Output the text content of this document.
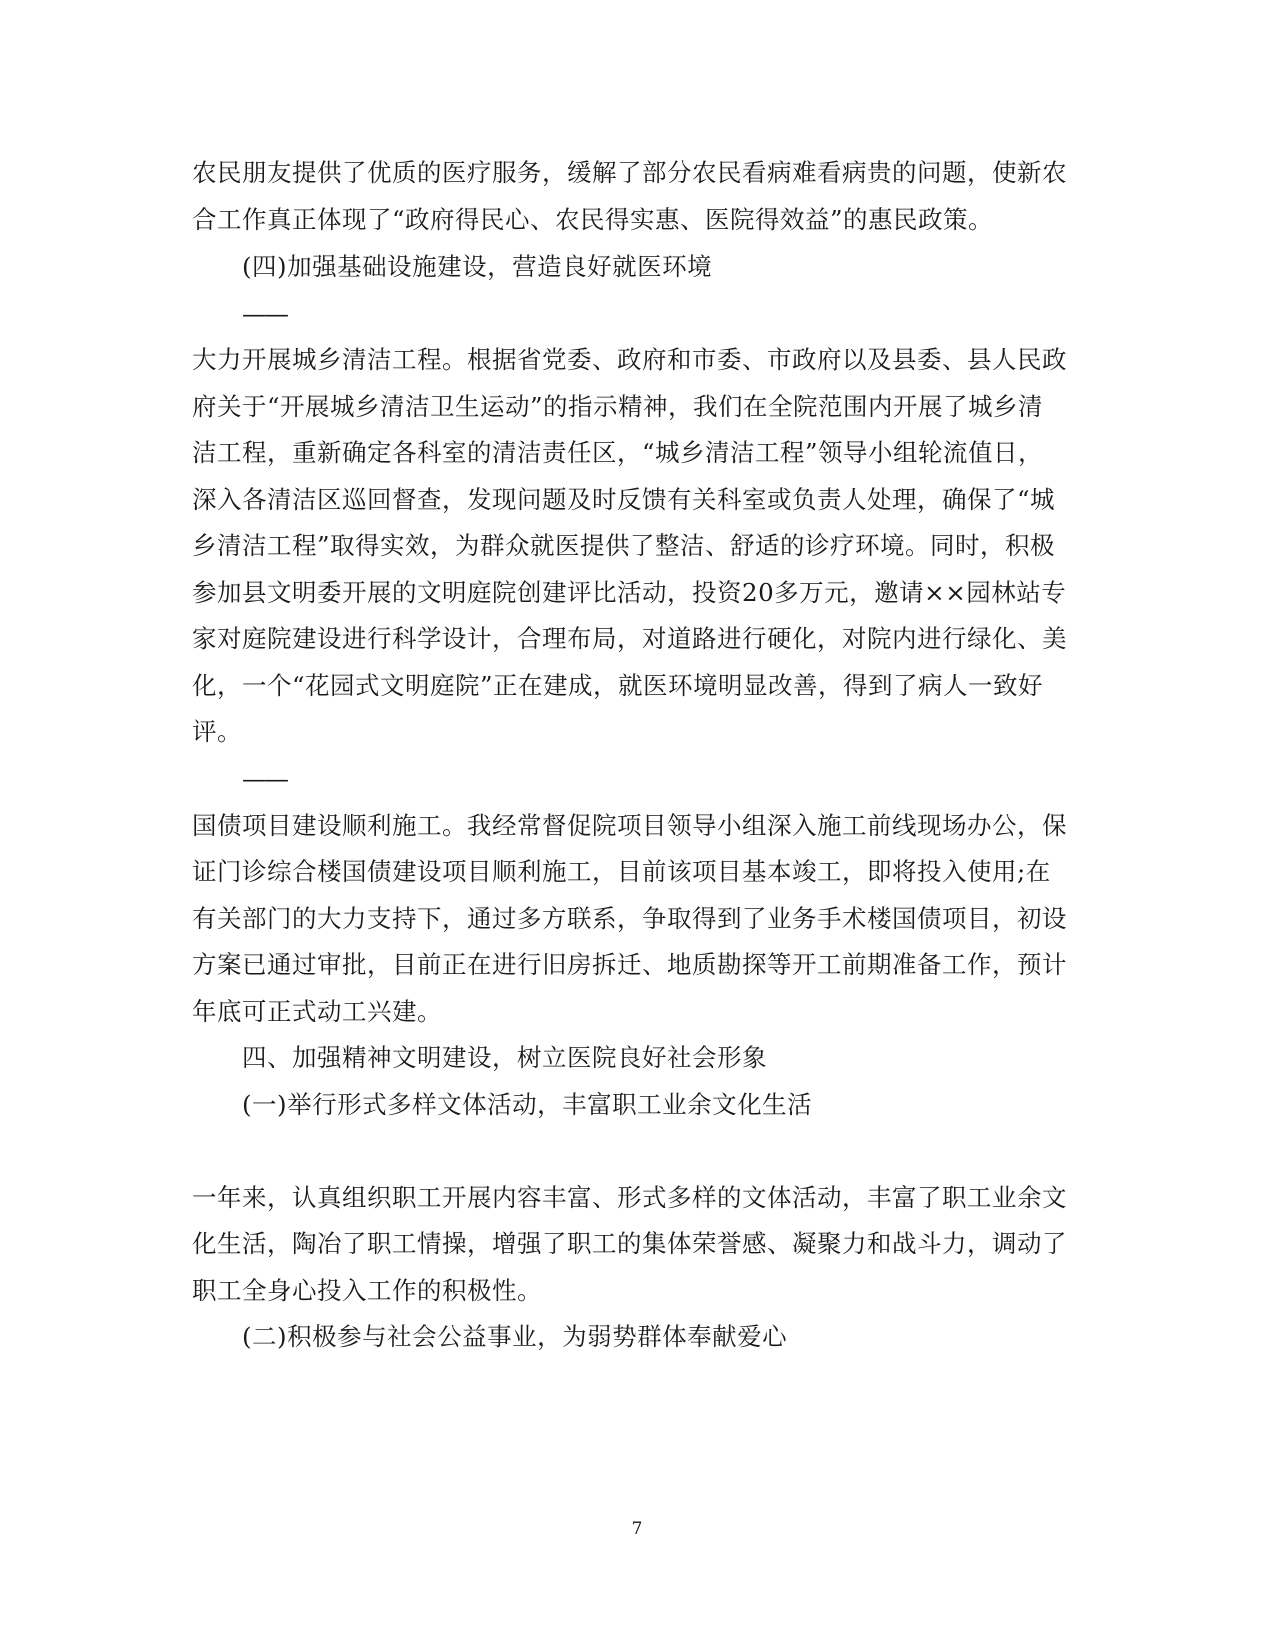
农民朋友提供了优质的医疗服务，缓解了部分农民看病难看病贵的问题，使新农
合工作真正体现了“政府得民心、农民得实惠、医院得效益”的惠民政策。
(四)加强基础设施建设，营造良好就医环境
——
大力开展城乡清洁工程。根据省党委、政府和市委、市政府以及县委、县人民政
府关于“开展城乡清洁卫生运动”的指示精神，我们在全院范围内开展了城乡清
洁工程，重新确定各科室的清洁责任区，“城乡清洁工程”领导小组轮流值日，
深入各清洁区巡回督查，发现问题及时反馈有关科室或负责人处理，确保了“城
乡清洁工程”取得实效，为群众就医提供了整洁、舒适的诊疗环境。同时，积极
参加县文明委开展的文明庭院创建评比活动，投资20多万元，邀请××园林站专
家对庭院建设进行科学设计，合理布局，对道路进行硬化，对院内进行绿化、美
化，一个“花园式文明庭院”正在建成，就医环境明显改善，得到了病人一致好
评。
——
国债项目建设顺利施工。我经常督促院项目领导小组深入施工前线现场办公，保
证门诊综合楼国债建设项目顺利施工，目前该项目基本竣工，即将投入使用;在
有关部门的大力支持下，通过多方联系，争取得到了业务手术楼国债项目，初设
方案已通过审批，目前正在进行旧房拆迁、地质勘探等开工前期准备工作，预计
年底可正式动工兴建。
四、加强精神文明建设，树立医院良好社会形象
(一)举行形式多样文体活动，丰富职工业余文化生活
一年来，认真组织职工开展内容丰富、形式多样的文体活动，丰富了职工业余文
化生活，陶冶了职工情操，增强了职工的集体荣誉感、凝聚力和战斗力，调动了
职工全身心投入工作的积极性。
(二)积极参与社会公益事业，为弱势群体奉献爱心
7
